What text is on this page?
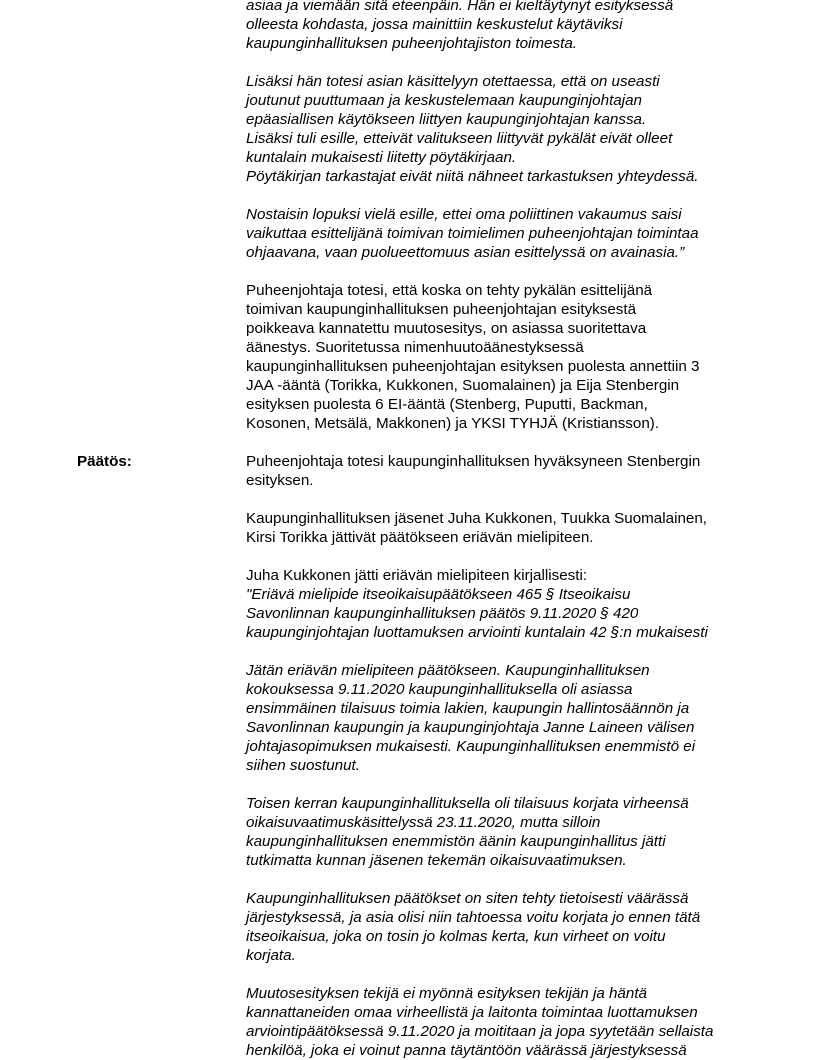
asiaa ja viemään sitä eteenpäin. Hän ei kieltäytynyt esityksessä
olleesta kohdasta, jossa mainittiin keskustelut käytäviksi
kaupunginhallituksen puheenjohtajiston toimesta.

Lisäksi hän totesi asian käsittelyyn otettaessa, että on useasti
joutunut puuttumaan ja keskustelemaan kaupunginjohtajan
epäasiallisen käytökseen liittyen kaupunginjohtajan kanssa.
Lisäksi tuli esille, etteivät valitukseen liittyvät pykälät eivät olleet
kuntalain mukaisesti liitetty pöytäkirjaan.
Pöytäkirjan tarkastajat eivät niitä nähneet tarkastuksen yhteydessä.

Nostaisin lopuksi vielä esille, ettei oma poliittinen vakaumus saisi
vaikuttaa esittelijänä toimivan toimielimen puheenjohtajan toimintaa
ohjaavana, vaan puolueettomuus asian esittelyssä on avainasia.”

Puheenjohtaja totesi, että koska on tehty pykälän esittelijänä
toimivan kaupunginhallituksen puheenjohtajan esityksestä
poikkeava kannatettu muutosesitys, on asiassa suoritettava
äänestys. Suoritetussa nimenhuutoäänestyksessä
kaupunginhallituksen puheenjohtajan esityksen puolesta annettiin 3
JAA -ääntä (Torikka, Kukkonen, Suomalainen) ja Eija Stenbergin
esityksen puolesta 6 EI-ääntä (Stenberg, Puputti, Backman,
Kosonen, Metsälä, Makkonen) ja YKSI TYHJÄ (Kristiansson).

Päätös:	Puheenjohtaja totesi kaupunginhallituksen hyväksyneen Stenbergin
esityksen.

Kaupunginhallituksen jäsenet Juha Kukkonen, Tuukka Suomalainen,
Kirsi Torikka jättivät päätökseen eriävän mielipiteen.

Juha Kukkonen jätti eriävän mielipiteen kirjallisesti:

"Eriävä mielipide itseoikaisupäätökseen 465 § Itseoikaisu
Savonlinnan kaupunginhallituksen päätös 9.11.2020 § 420
kaupunginjohtajan luottamuksen arviointi kuntalain 42 §:n mukaisesti

Jätän eriävän mielipiteen päätökseen. Kaupunginhallituksen
kokouksessa 9.11.2020 kaupunginhallituksella oli asiassa
ensimmäinen tilaisuus toimia lakien, kaupungin hallintosäännön ja
Savonlinnan kaupungin ja kaupunginjohtaja Janne Laineen välisen
johtajasopimuksen mukaisesti. Kaupunginhallituksen enemmistö ei
siihen suostunut.

Toisen kerran kaupunginhallituksella oli tilaisuus korjata virheensä
oikaisuvaatimuskäsittelyssä 23.11.2020, mutta silloin
kaupunginhallituksen enemmistön äänin kaupunginhallitus jätti
tutkimatta kunnan jäsenen tekemän oikaisuvaatimuksen.

Kaupunginhallituksen päätökset on siten tehty tietoisesti väärässä
järjestyksessä, ja asia olisi niin tahtoessa voitu korjata jo ennen tätä
itseoikaisua, joka on tosin jo kolmas kerta, kun virheet on voitu
korjata.

Muutosesityksen tekijä ei myönnä esityksen tekijän ja häntä
kannattaneiden omaa virheellistä ja laitonta toimintaa luottamuksen
arviointipäätöksessä 9.11.2020 ja moititaan ja jopa syytetään sellaista
henkilöä, joka ei voinut panna täytäntöön väärässä järjestyksessä
